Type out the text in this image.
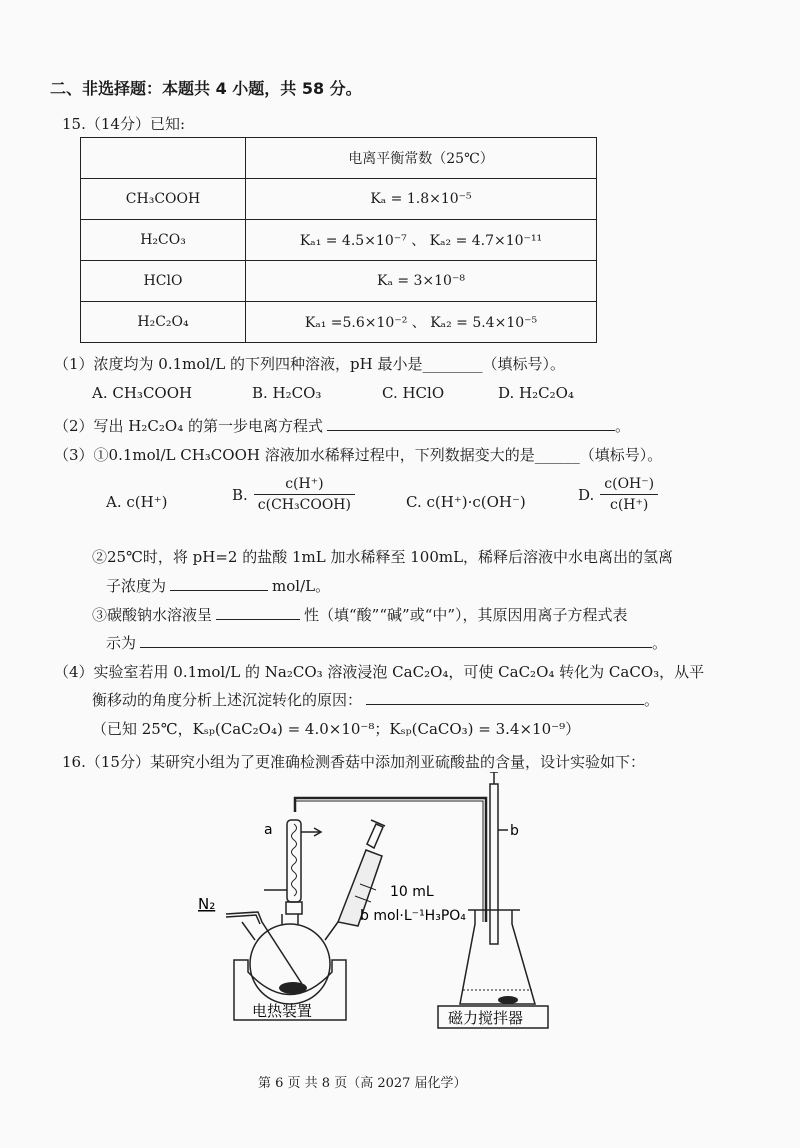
二、非选择题：本题共 4 小题，共 58 分。
15.（14分）已知:
	电离平衡常数（25℃）
CH₃COOH	Kₐ = 1.8×10⁻⁵
H₂CO₃	Kₐ₁ = 4.5×10⁻⁷ 、 Kₐ₂ = 4.7×10⁻¹¹
HClO	Kₐ = 3×10⁻⁸
H₂C₂O₄	Kₐ₁ =5.6×10⁻² 、 Kₐ₂ = 5.4×10⁻⁵
（1）浓度均为 0.1mol/L 的下列四种溶液，pH 最小是________（填标号）。
A. CH₃COOH	B. H₂CO₃	C. HClO	D. H₂C₂O₄
（2）写出 H₂C₂O₄ 的第一步电离方程式	。
（3）①0.1mol/L CH₃COOH 溶液加水稀释过程中，下列数据变大的是______（填标号）。
A. c(H⁺)	B. $\frac{c(H^+)}{\text{c(CH₃COOH)}}$	C. c(H⁺)·c(OH⁻)	D. $\frac{c(OH^-)}{c(H^+)}$
②25℃时，将 pH=2 的盐酸 1mL 加水稀释至 100mL，稀释后溶液中水电离出的氢离
子浓度为	mol/L。
③碳酸钠水溶液呈	性（填“酸”“碱”或“中”），其原因用离子方程式表
示为	。
（4）实验室若用 0.1mol/L 的 Na₂CO₃ 溶液浸泡 CaC₂O₄，可使 CaC₂O₄ 转化为 CaCO₃，从平
衡移动的角度分析上述沉淀转化的原因：	。
（已知 25℃，Kₛₚ(CaC₂O₄) = 4.0×10⁻⁸；Kₛₚ(CaCO₃) = 3.4×10⁻⁹）
16.（15分）某研究小组为了更准确检测香菇中添加剂亚硫酸盐的含量，设计实验如下：
a	b
N₂
10 mL
b mol·L⁻¹H₃PO₄
电热装置	磁力搅拌器
第 6 页 共 8 页（高 2027 届化学）
